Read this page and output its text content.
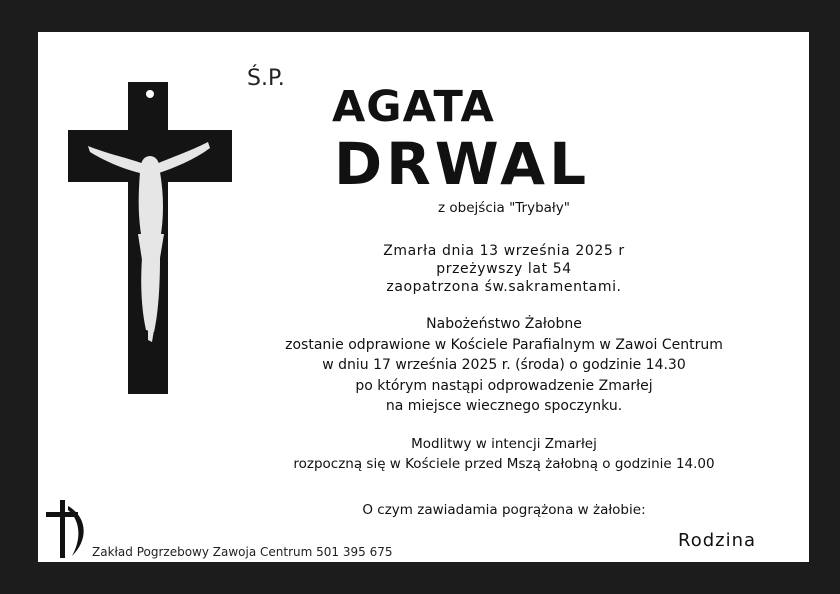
Ś.P.
AGATA
DRWAL
z obejścia "Trybały"
Zmarła dnia 13 września 2025 r
przeżywszy lat 54
zaopatrzona św.sakramentami.
Nabożeństwo Żałobne
zostanie odprawione w Kościele Parafialnym w Zawoi Centrum
w dniu 17 września 2025 r. (środa) o godzinie 14.30
po którym nastąpi odprowadzenie Zmarłej
na miejsce wiecznego spoczynku.
Modlitwy w intencji Zmarłej
rozpoczną się w Kościele przed Mszą żałobną o godzinie 14.00
O czym zawiadamia pogrążona w żałobie:
Rodzina
Zakład Pogrzebowy Zawoja Centrum 501 395 675
